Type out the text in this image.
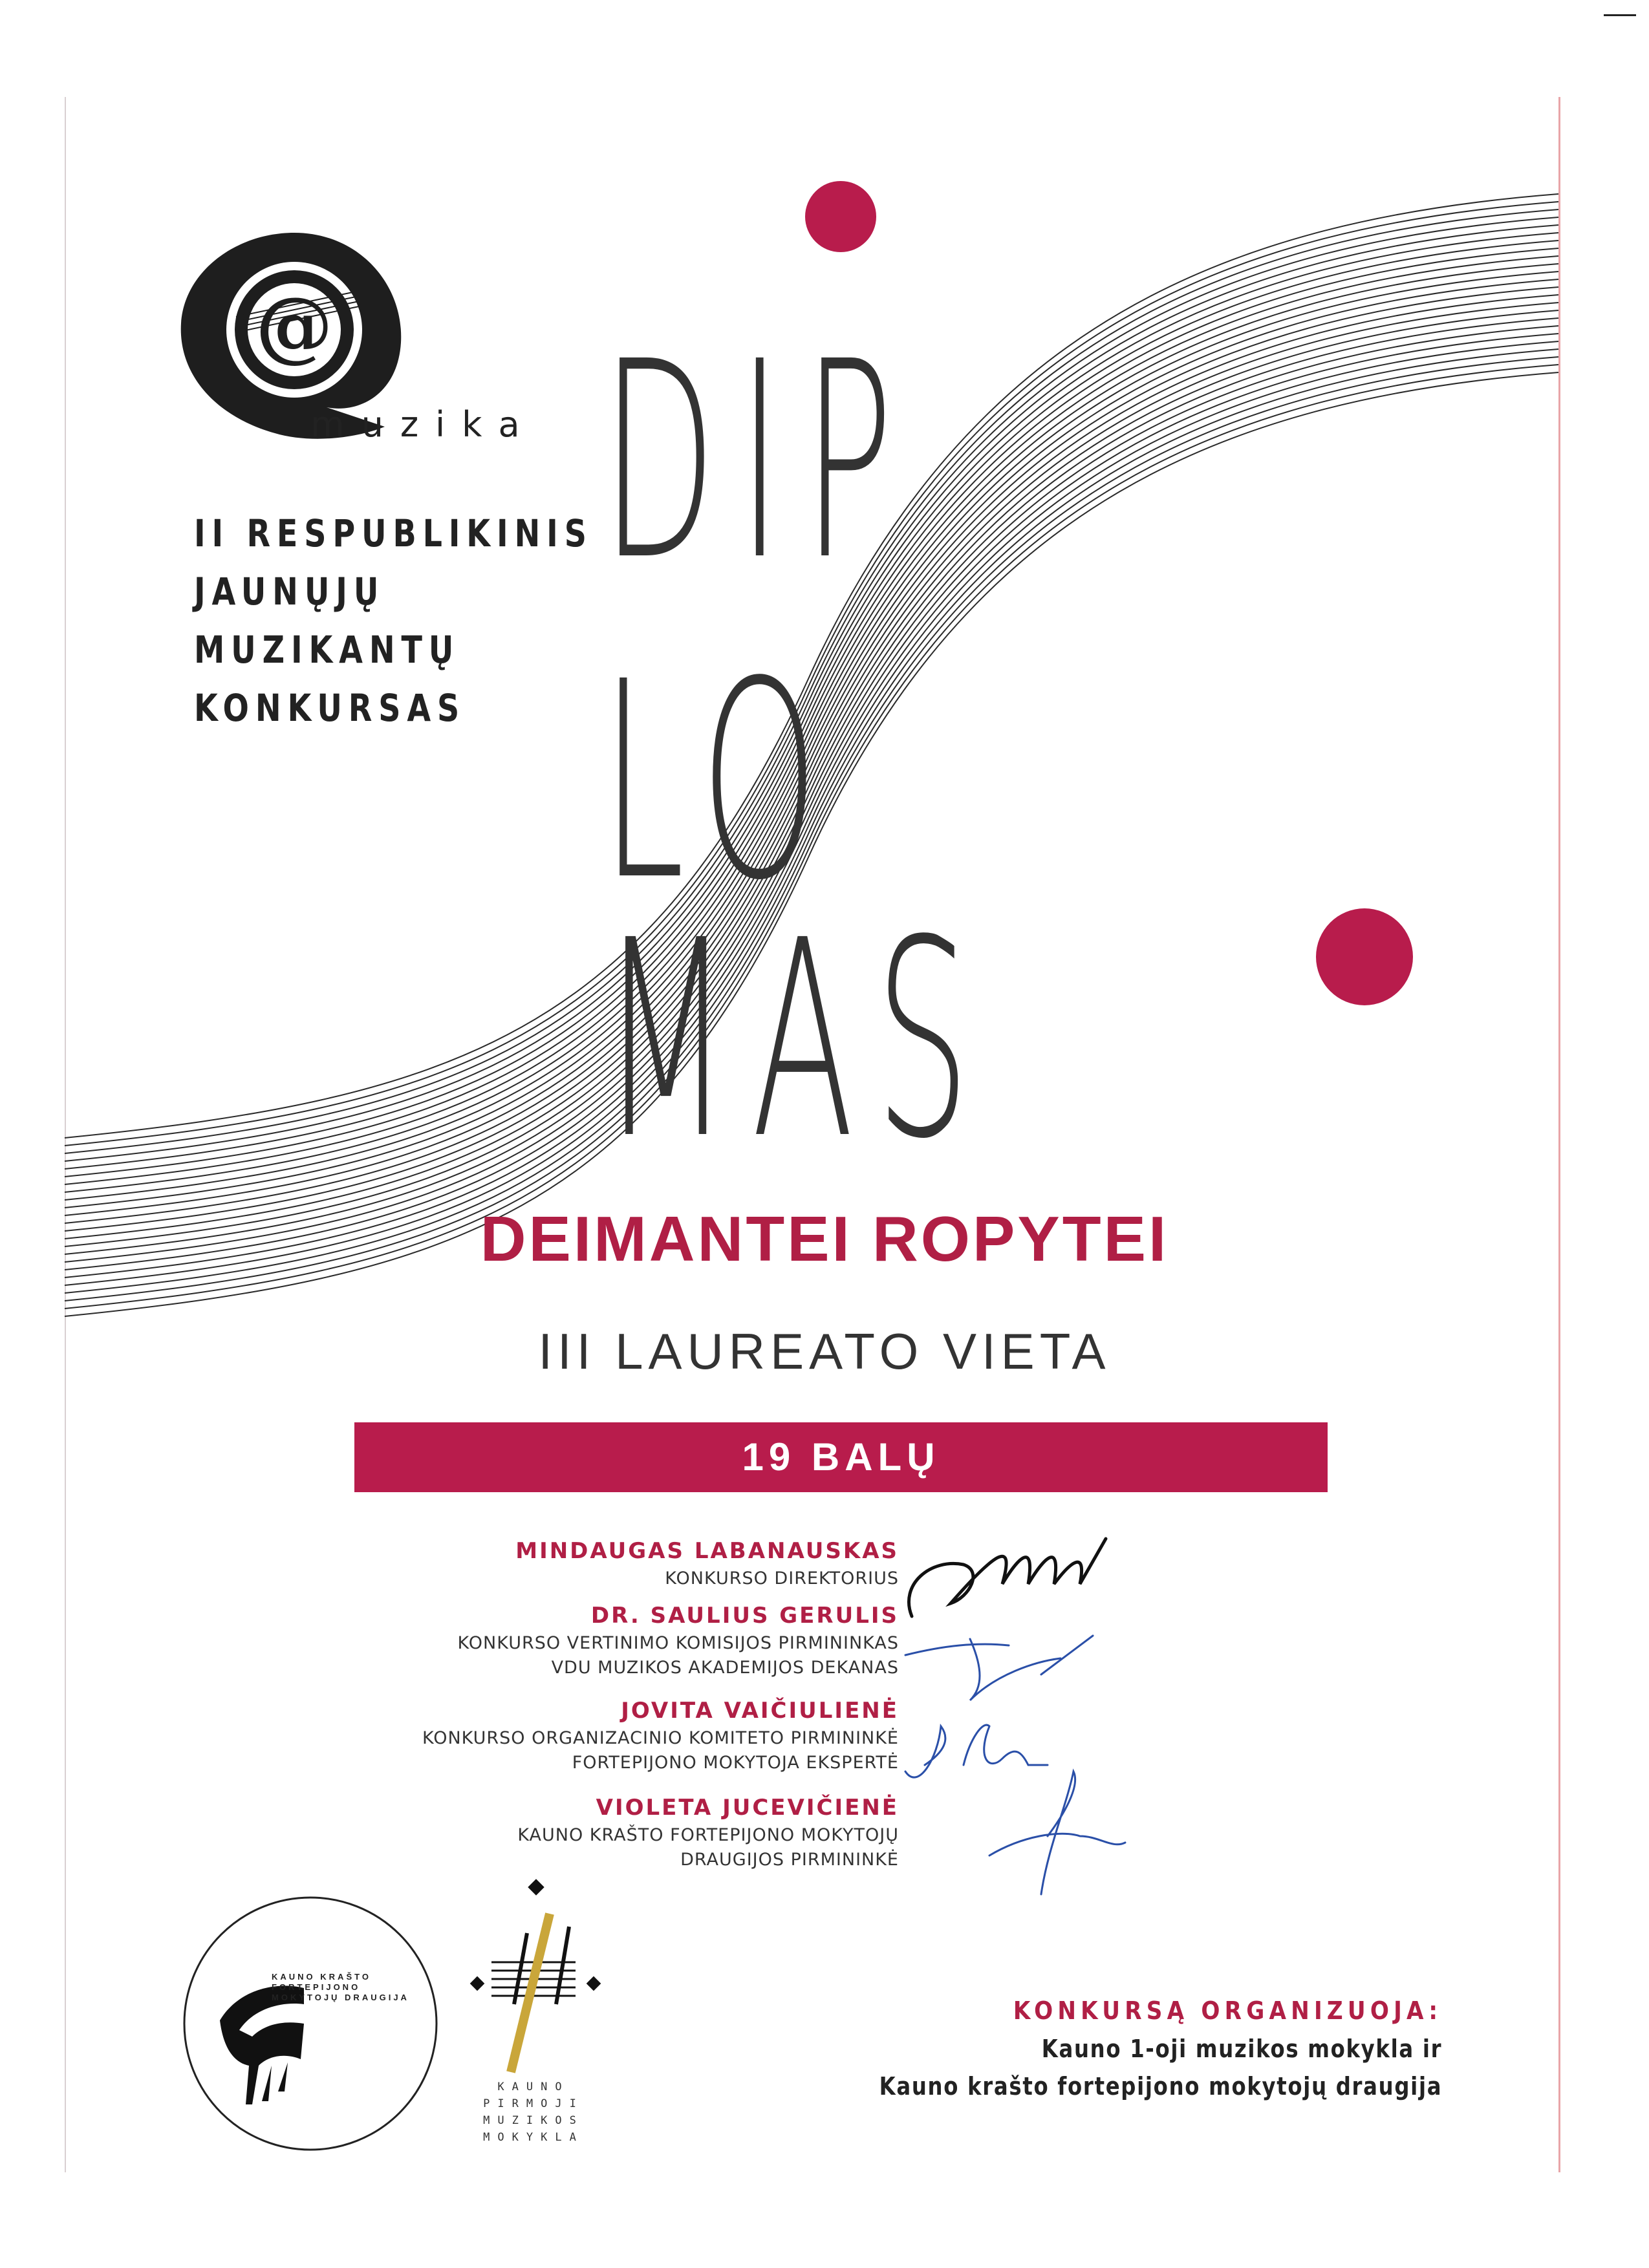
@
muzika
II RESPUBLIKINIS
JAUNŲJŲ
MUZIKANTŲ
KONKURSAS
DIP
LO
MAS
DEIMANTEI ROPYTEI
III LAUREATO VIETA
19 BALŲ
MINDAUGAS LABANAUSKAS
KONKURSO DIREKTORIUS
DR. SAULIUS GERULIS
KONKURSO VERTINIMO KOMISIJOS PIRMININKAS
VDU MUZIKOS AKADEMIJOS DEKANAS
JOVITA VAIČIULIENĖ
KONKURSO ORGANIZACINIO KOMITETO PIRMININKĖ
FORTEPIJONO MOKYTOJA EKSPERTĖ
VIOLETA JUCEVIČIENĖ
KAUNO KRAŠTO FORTEPIJONO MOKYTOJŲ
DRAUGIJOS PIRMININKĖ
KAUNO KRAŠTO
FORTEPIJONO
MOKYTOJŲ DRAUGIJA
KAUNO
PIRMOJI
MUZIKOS
MOKYKLA
KONKURSĄ ORGANIZUOJA:
Kauno 1-oji muzikos mokykla ir
Kauno krašto fortepijono mokytojų draugija
